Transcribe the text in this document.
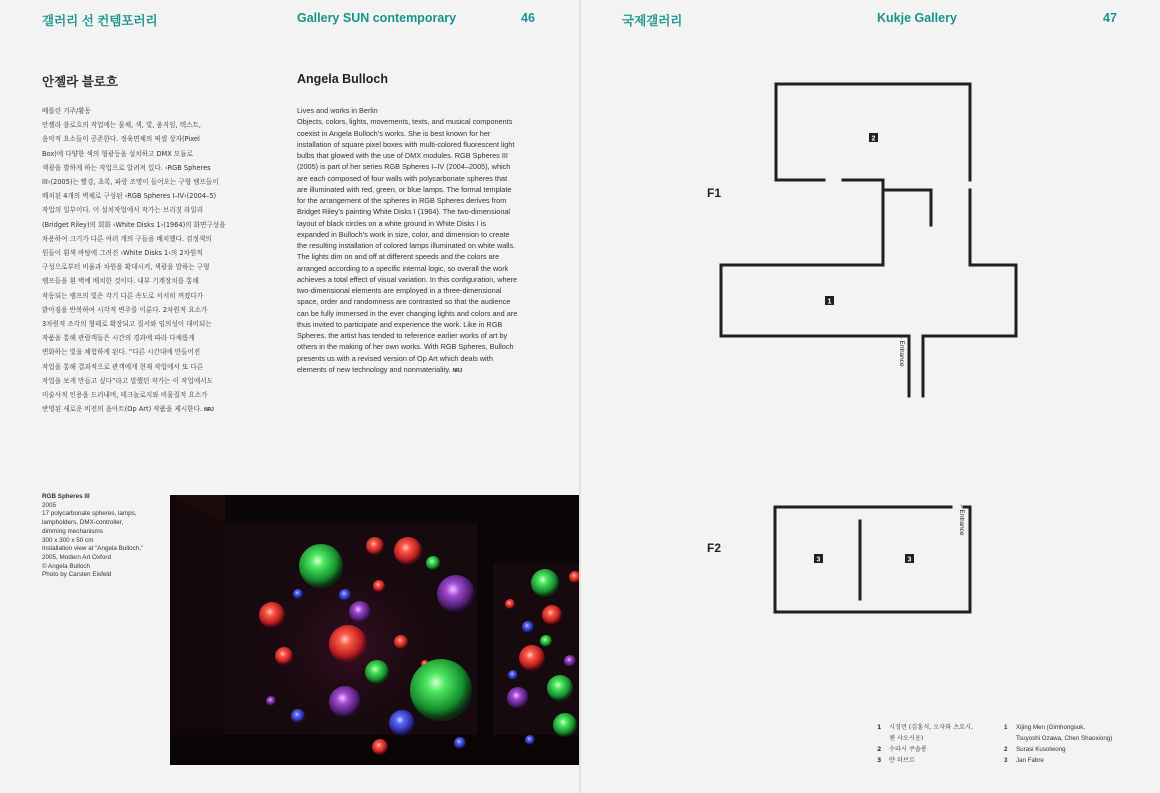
갤러리 선 컨템포러리	Gallery SUN contemporary	46
안젤라 블로흐	Angela Bulloch
베를린 거주/활동
안젤라 블로흐의 작업에는 물체, 색, 빛, 움직임, 텍스트,
음악적 요소들이 공존한다. 정육면체의 픽셀 상자(Pixel
Box)에 다양한 색의 형광등을 설치하고 DMX 모듈로
색광을 발하게 하는 작업으로 알려져 있다. ‹RGB Spheres
III›(2005)는 빨강, 초록, 파랑 조명이 들어오는 구형 램프들이
배치된 4개의 벽체로 구성된 ‹RGB Spheres I–IV›(2004–5)
작업의 일부이다. 이 설치작업에서 작가는 브리짓 라일리
(Bridget Riley)의 회화 ‹White Disks 1›(1964)의 화면구성을
차용하여 크기가 다른 여러 개의 구들을 배치했다. 검정색의
원들이 흰색 바탕에 그려진 ‹White Disks 1›의 2차원적
구성으로부터 비율과 차원을 확대시켜, 색광을 발하는 구형
램프들을 흰 벽에 배치한 것이다. 내부 기계장치를 통해
작동되는 램프의 빛은 각기 다른 속도로 서서히 꺼졌다가
밝아짐을 반복하여 시각적 변주를 이룬다. 2차원적 요소가
3차원적 조각의 형태로 확장되고 질서와 임의성이 대비되는
작품을 통해 관람객들은 시간의 경과에 따라 다채롭게
변화하는 빛을 체험하게 된다. “다른 시간대에 만들어진
작업을 통해 결과적으로 관객에게 현재 작업에서 또 다른
작업을 보게 만들고 싶다”라고 말했던 작가는 이 작업에서도
미술사적 인용을 드러내며, 테크놀로지와 비물질적 요소가
반영된 새로운 비전의 옵아트(Op Art) 작품을 제시한다. NRJ

Lives and works in Berlin
Objects, colors, lights, movements, texts, and musical components coexist in Angela Bulloch’s works. She is best known for her installation of square pixel boxes with multi-colored fluorescent light bulbs that glowed with the use of DMX modules. RGB Spheres III (2005) is part of her series RGB Spheres I–IV (2004–2005), which are each composed of four walls with polycarbonate spheres that are illuminated with red, green, or blue lamps. The formal template for the arrangement of the spheres in RGB Spheres derives from Bridget Riley’s painting White Disks I (1964). The two-dimensional layout of black circles on a white ground in White Disks I is expanded in Bulloch’s work in size, color, and dimension to create the resulting installation of colored lamps illuminated on white walls. The lights dim on and off at different speeds and the colors are arranged according to a specific internal logic, so overall the work achieves a total effect of visual variation. In this configuration, where two-dimensional elements are employed in a three-dimensional space, order and randomness are contrasted so that the audience can be fully immersed in the ever changing lights and colors and are thus invited to participate and experience the work. Like in RGB Spheres, the artist has tended to reference earlier works of art by others in the making of her own works. With RGB Spheres, Bulloch presents us with a revised version of Op Art which deals with elements of new technology and nonmateriality. NRJ

RGB Spheres III
2005
17 polycarbonate spheres, lamps,
lampholders, DMX-controller,
dimming mechanisms
300 x 300 x 50 cm
Installation view at “Angela Bulloch,”
2005, Modern Art Oxford
© Angela Bulloch
Photo by Carsten Eisfeld
국제갤러리	Kukje Gallery	47
F1
F2
2
1
3	3
←Entrance
←Entrance
1	시징먼 (김홍석, 오자와 츠요시,
첸 샤오시옹)
2	수라시 쿠솔롱
3	얀 파브르
1	Xijing Men (Gimhongsok,
Tsuyoshi Ozawa, Chen Shaoxiong)
2	Surasi Kusolwong
3	Jan Fabre
